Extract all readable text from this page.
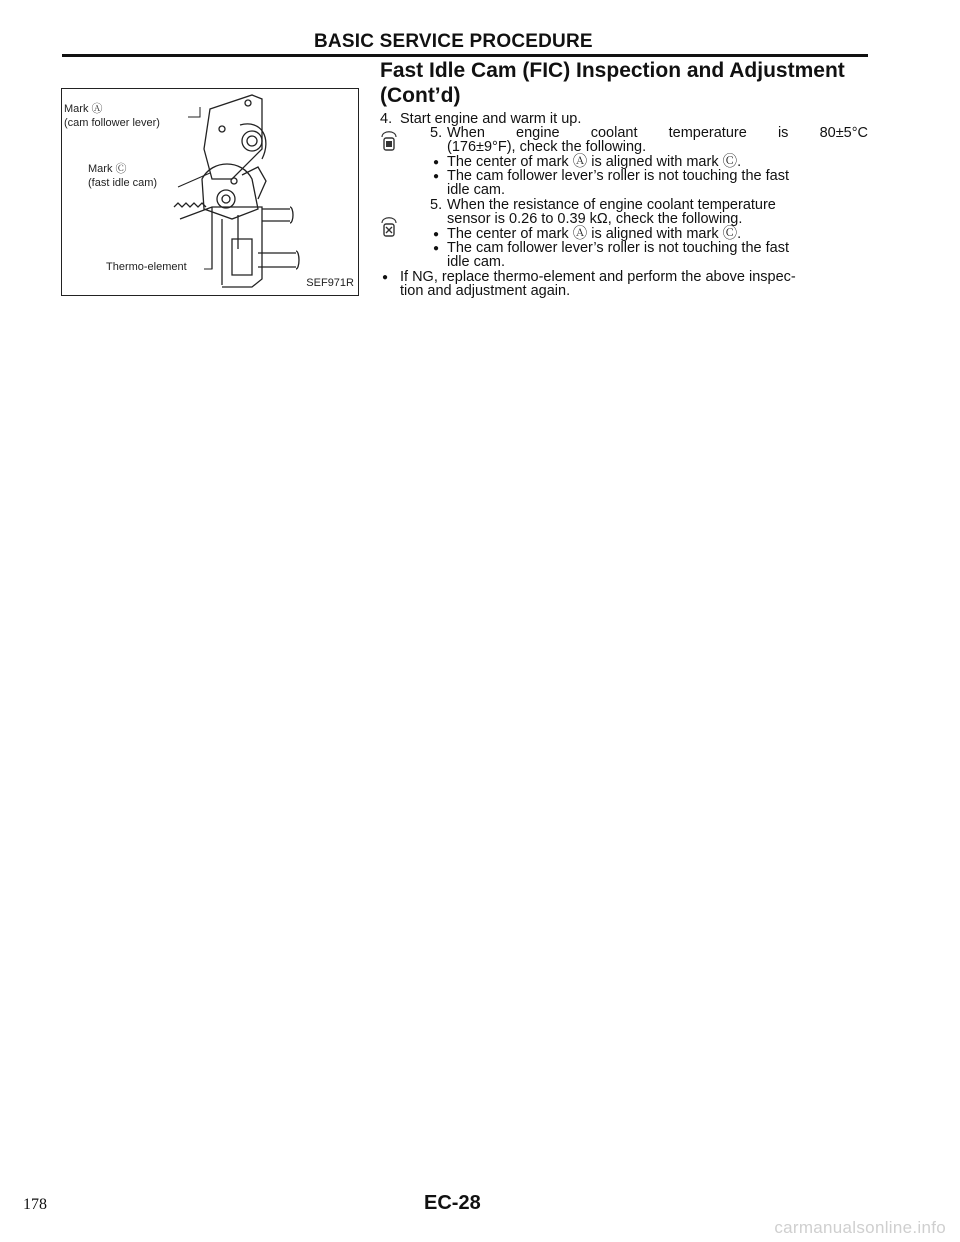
BASIC SERVICE PROCEDURE
Fast Idle Cam (FIC) Inspection and Adjustment (Cont’d)
Mark Ⓐ
(cam follower lever)
Mark Ⓒ
(fast idle cam)
Thermo-element
SEF971R
4. Start engine and warm it up.
5. When engine coolant temperature is 80±5°C
(176±9°F), check the following.
● The center of mark Ⓐ is aligned with mark Ⓒ.
● The cam follower lever’s roller is not touching the fast
idle cam.
5. When the resistance of engine coolant temperature
sensor is 0.26 to 0.39 kΩ, check the following.
● The center of mark Ⓐ is aligned with mark Ⓒ.
● The cam follower lever’s roller is not touching the fast
idle cam.
● If NG, replace thermo-element and perform the above inspec-
tion and adjustment again.
178	EC-28
carmanualsonline.info
